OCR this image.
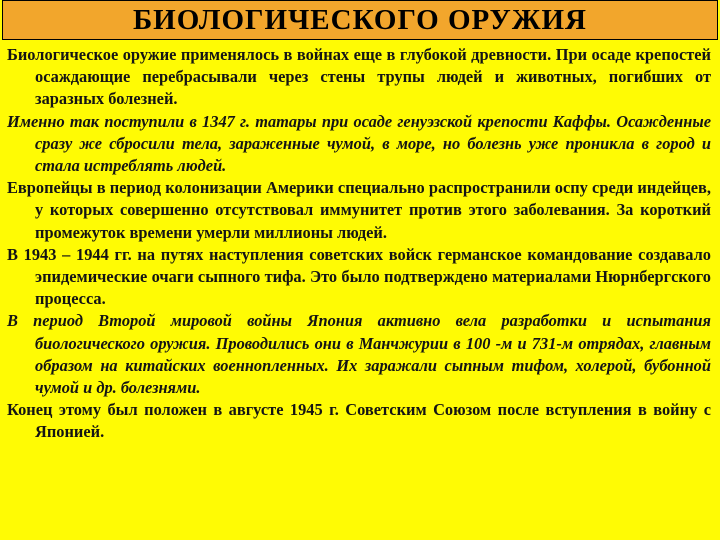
БИОЛОГИЧЕСКОГО ОРУЖИЯ

Биологическое оружие применялось в войнах еще в глубокой древности. При осаде крепостей осаждающие перебрасывали через стены трупы людей и животных, погибших от заразных болезней.

Именно так поступили в 1347 г. татары при осаде генуэзской крепости Каффы. Осажденные сразу же сбросили тела, зараженные чумой, в море, но болезнь уже проникла в город и стала истреблять людей.

Европейцы в период колонизации Америки специально распространили оспу среди индейцев, у которых совершенно отсутствовал иммунитет против этого заболевания. За короткий промежуток времени умерли миллионы людей.

В 1943 – 1944 гг. на путях наступления советских войск германское командование создавало эпидемические очаги сыпного тифа. Это было подтверждено материалами Нюрнбергского процесса.

В период Второй мировой войны Япония активно вела разработки и испытания биологического оружия. Проводились они в Манчжурии в 100 -м и 731-м отрядах, главным образом на китайских военнопленных. Их заражали сыпным тифом, холерой, бубонной чумой и др. болезнями.

Конец этому был положен в августе 1945 г. Советским Союзом после вступления в войну с Японией.
